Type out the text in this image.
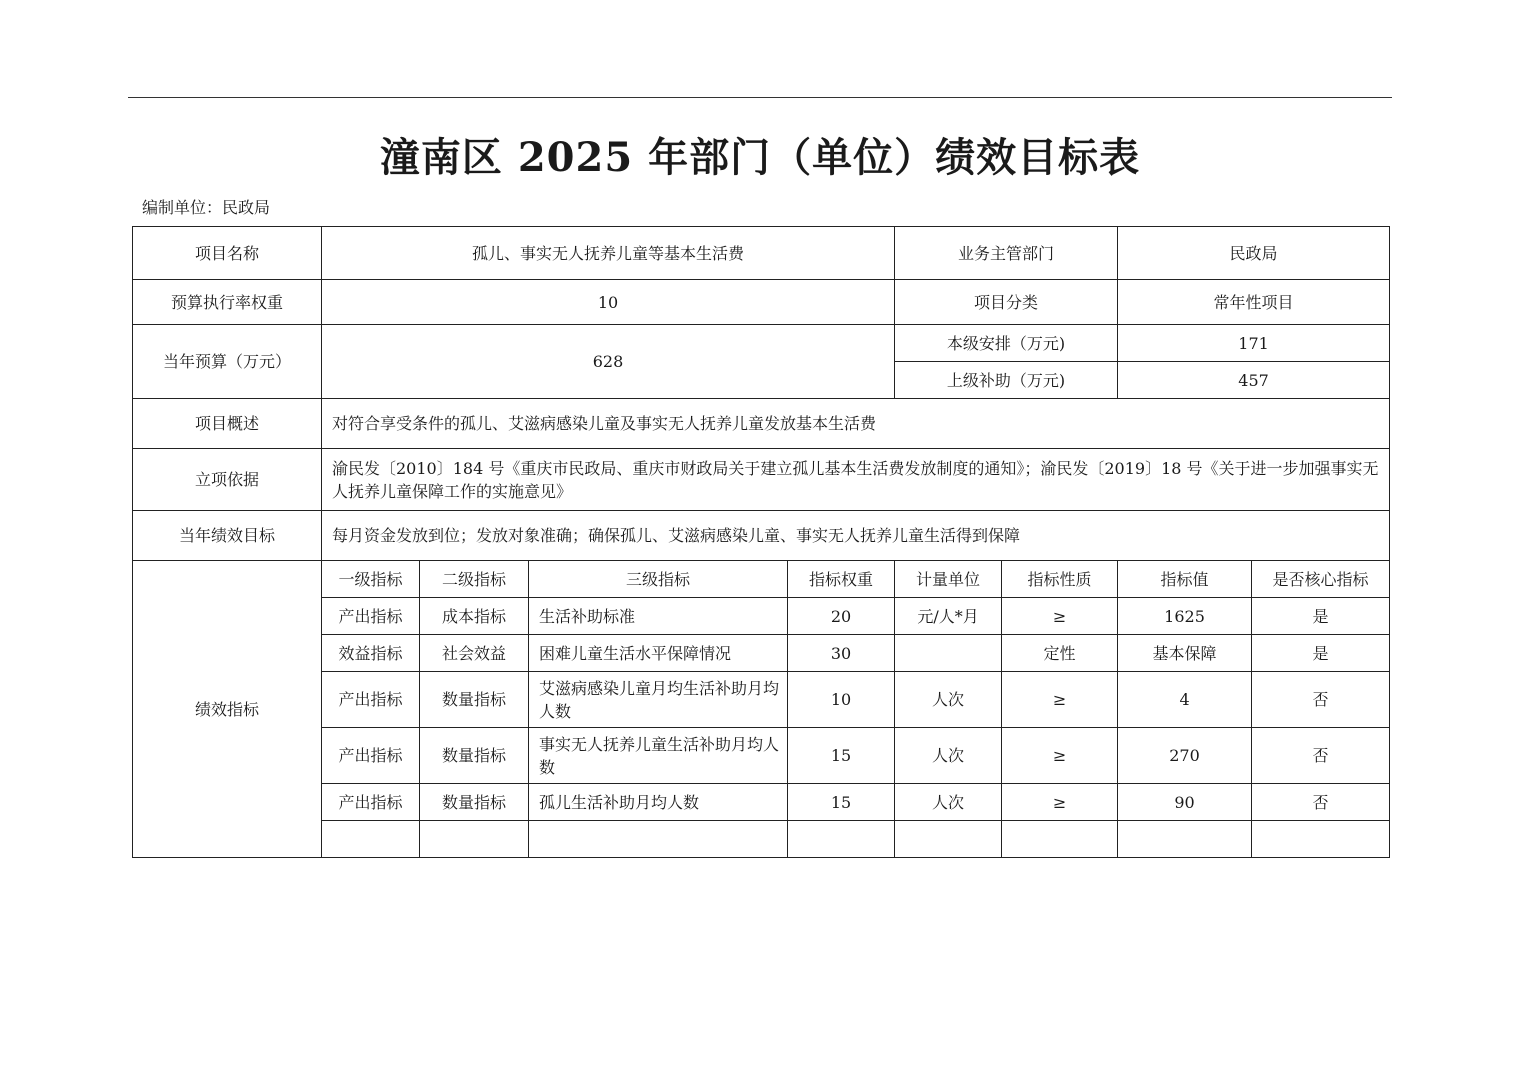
潼南区 2025 年部门（单位）绩效目标表
编制单位：民政局
项目名称	孤儿、事实无人抚养儿童等基本生活费				业务主管部门		民政局	
预算执行率权重	10				项目分类		常年性项目	
当年预算（万元）	628				本级安排（万元)		171	
					上级补助（万元)		457	
项目概述	对符合享受条件的孤儿、艾滋病感染儿童及事实无人抚养儿童发放基本生活费							
立项依据	渝民发〔2010〕184 号《重庆市民政局、重庆市财政局关于建立孤儿基本生活费发放制度的通知》；渝民发〔2019〕18 号《关于进一步加强事实无人抚养儿童保障工作的实施意见》							
当年绩效目标	每月资金发放到位；发放对象准确；确保孤儿、艾滋病感染儿童、事实无人抚养儿童生活得到保障							
绩效指标	一级指标	二级指标	三级指标	指标权重	计量单位	指标性质	指标值	是否核心指标
	产出指标	成本指标	生活补助标准	20	元/人*月	≥	1625	是
	效益指标	社会效益	困难儿童生活水平保障情况	30		定性	基本保障	是
	产出指标	数量指标	艾滋病感染儿童月均生活补助月均人数	10	人次	≥	4	否
	产出指标	数量指标	事实无人抚养儿童生活补助月均人数	15	人次	≥	270	否
	产出指标	数量指标	孤儿生活补助月均人数	15	人次	≥	90	否
